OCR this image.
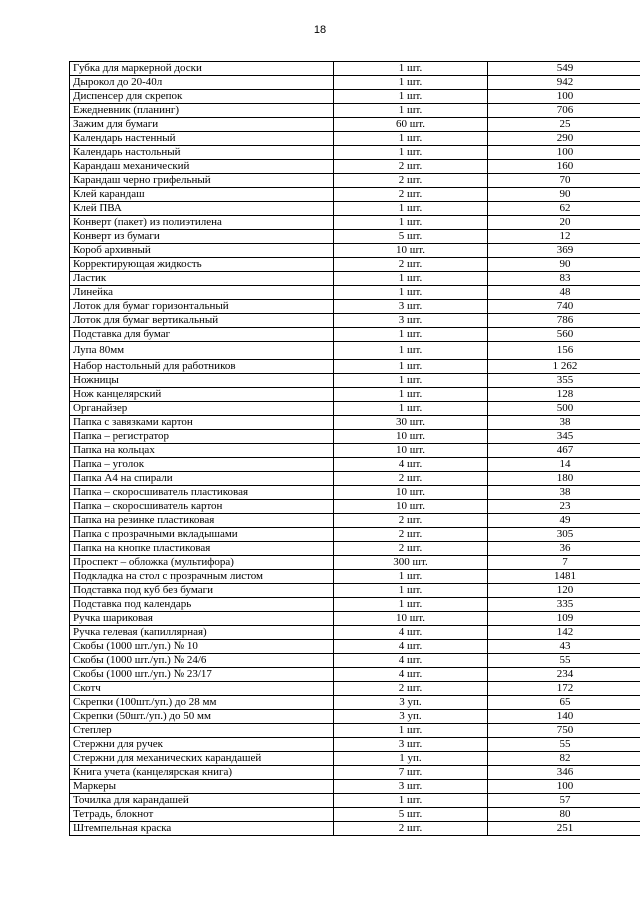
18
Губка для маркерной доски	1 шт.	549
Дырокол до 20-40л	1 шт.	942
Диспенсер для скрепок	1 шт.	100
Ежедневник (планинг)	1 шт.	706
Зажим для бумаги	60 шт.	25
Календарь настенный	1 шт.	290
Календарь настольный	1 шт.	100
Карандаш механический	2 шт.	160
Карандаш черно грифельный	2 шт.	70
Клей карандаш	2 шт.	90
Клей ПВА	1 шт.	62
Конверт (пакет) из полиэтилена	1 шт.	20
Конверт из бумаги	5 шт.	12
Короб архивный	10 шт.	369
Корректирующая жидкость	2 шт.	90
Ластик	1 шт.	83
Линейка	1 шт.	48
Лоток для бумаг горизонтальный	3 шт.	740
Лоток для бумаг вертикальный	3 шт.	786
Подставка для бумаг	1 шт.	560
Лупа 80мм	1 шт.	156
Набор настольный для работников	1 шт.	1 262
Ножницы	1 шт.	355
Нож канцелярский	1 шт.	128
Органайзер	1 шт.	500
Папка с завязками картон	30 шт.	38
Папка – регистратор	10 шт.	345
Папка на кольцах	10 шт.	467
Папка – уголок	4 шт.	14
Папка А4 на спирали	2 шт.	180
Папка – скоросшиватель пластиковая	10 шт.	38
Папка – скоросшиватель картон	10 шт.	23
Папка на резинке пластиковая	2 шт.	49
Папка с прозрачными вкладышами	2 шт.	305
Папка на кнопке пластиковая	2 шт.	36
Проспект – обложка (мультифора)	300 шт.	7
Подкладка на стол с прозрачным листом	1 шт.	1481
Подставка под куб без бумаги	1 шт.	120
Подставка под календарь	1 шт.	335
Ручка шариковая	10 шт.	109
Ручка гелевая (капиллярная)	4 шт.	142
Скобы (1000 шт./уп.) № 10	4 шт.	43
Скобы (1000 шт./уп.) № 24/6	4 шт.	55
Скобы (1000 шт./уп.) № 23/17	4 шт.	234
Скотч	2 шт.	172
Скрепки (100шт./уп.) до 28 мм	3 уп.	65
Скрепки (50шт./уп.) до 50 мм	3 уп.	140
Степлер	1 шт.	750
Стержни для ручек	3 шт.	55
Стержни для механических карандашей	1 уп.	82
Книга учета (канцелярская книга)	7 шт.	346
Маркеры	3 шт.	100
Точилка для карандашей	1 шт.	57
Тетрадь, блокнот	5 шт.	80
Штемпельная краска	2 шт.	251
